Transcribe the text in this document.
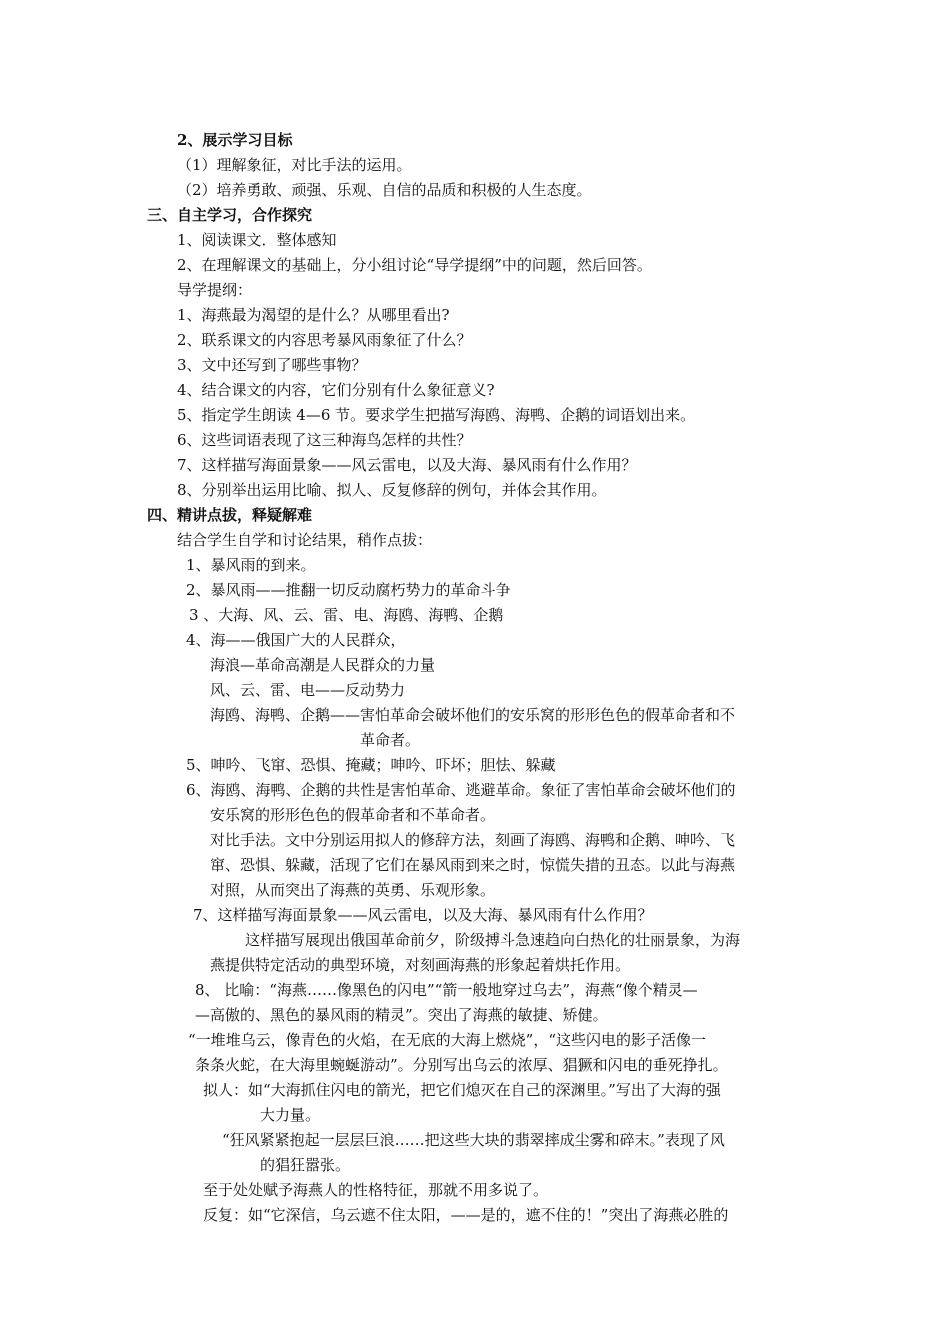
2、展示学习目标
（1）理解象征，对比手法的运用。
（2）培养勇敢、顽强、乐观、自信的品质和积极的人生态度。
三、自主学习，合作探究
1、阅读课文．整体感知
2、在理解课文的基础上，分小组讨论“导学提纲”中的问题，然后回答。
导学提纲：
1、海燕最为渴望的是什么？从哪里看出?
2、联系课文的内容思考暴风雨象征了什么？
3、文中还写到了哪些事物？
4、结合课文的内容，它们分别有什么象征意义?
5、指定学生朗读 4—6 节。要求学生把描写海鸥、海鸭、企鹅的词语划出来。
6、这些词语表现了这三种海鸟怎样的共性？
7、这样描写海面景象——风云雷电，以及大海、暴风雨有什么作用？
8、分别举出运用比喻、拟人、反复修辞的例句，并体会其作用。
四、精讲点拔，释疑解难
结合学生自学和讨论结果，稍作点拔：
1、暴风雨的到来。
2、暴风雨——推翻一切反动腐朽势力的革命斗争
3 、大海、风、云、雷、电、海鸥、海鸭、企鹅
4、海——俄国广大的人民群众，
海浪—革命高潮是人民群众的力量
风、云、雷、电——反动势力
海鸥、海鸭、企鹅——害怕革命会破坏他们的安乐窝的形形色色的假革命者和不
革命者。
5、呻吟、飞窜、恐惧、掩藏；呻吟、吓坏；胆怯、躲藏
6、海鸥、海鸭、企鹅的共性是害怕革命、逃避革命。象征了害怕革命会破坏他们的
安乐窝的形形色色的假革命者和不革命者。
对比手法。文中分别运用拟人的修辞方法，刻画了海鸥、海鸭和企鹅、呻吟、飞
窜、恐惧、躲藏，活现了它们在暴风雨到来之时，惊慌失措的丑态。以此与海燕
对照，从而突出了海燕的英勇、乐观形象。
7、这样描写海面景象——风云雷电，以及大海、暴风雨有什么作用？
这样描写展现出俄国革命前夕，阶级搏斗急速趋向白热化的壮丽景象，为海
燕提供特定活动的典型环境，对刻画海燕的形象起着烘托作用。
8、 比喻：“海燕……像黑色的闪电”“箭一般地穿过乌去”，海燕“像个精灵—
—高傲的、黑色的暴风雨的精灵”。突出了海燕的敏捷、矫健。
“一堆堆乌云，像青色的火焰，在无底的大海上燃烧”，“这些闪电的影子活像一
条条火蛇，在大海里蜿蜒游动”。分别写出乌云的浓厚、猖獗和闪电的垂死挣扎。
拟人：如“大海抓住闪电的箭光，把它们熄灭在自己的深渊里。”写出了大海的强
大力量。
“狂风紧紧抱起一层层巨浪……把这些大块的翡翠摔成尘雾和碎末。”表现了风
的猖狂嚣张。
至于处处赋予海燕人的性格特征，那就不用多说了。
反复：如“它深信，乌云遮不住太阳，——是的，遮不住的！”突出了海燕必胜的
